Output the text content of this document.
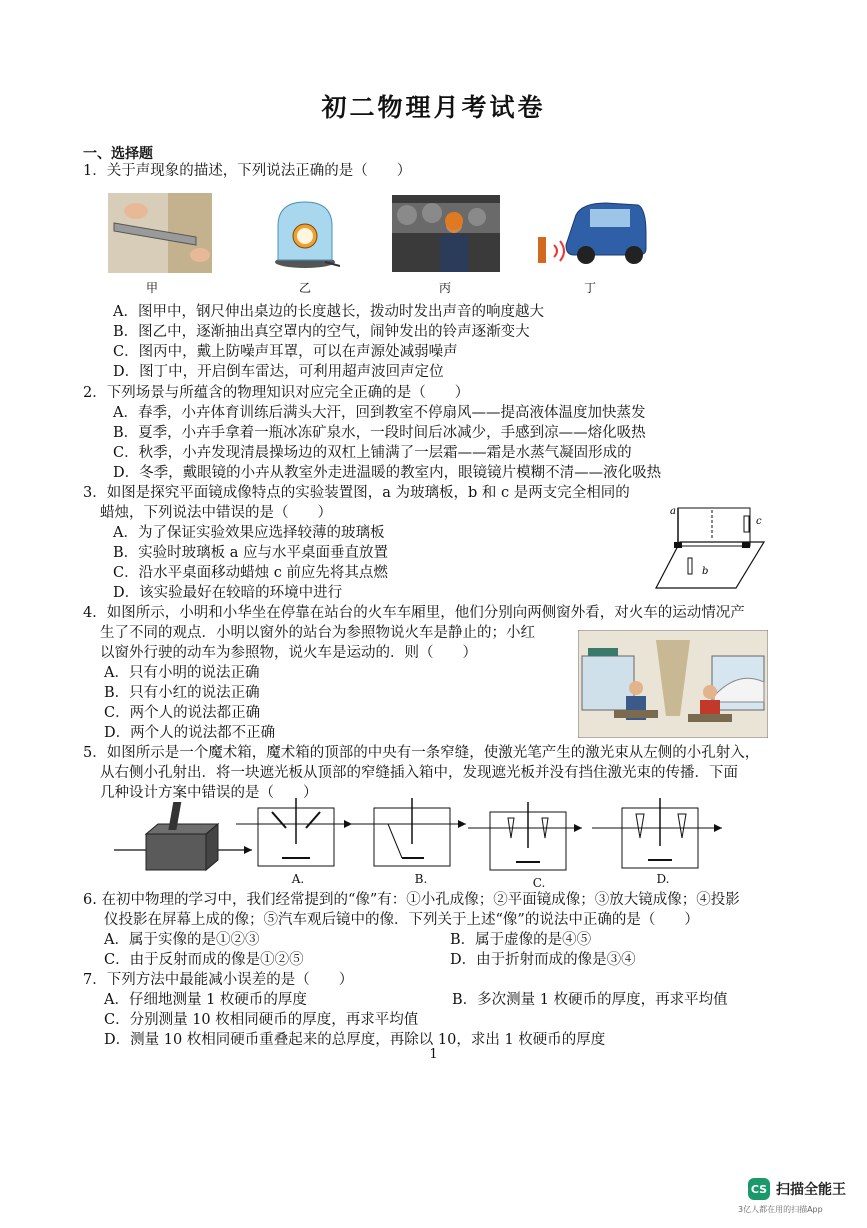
初二物理月考试卷
一、选择题
1．关于声现象的描述，下列说法正确的是（　　）
甲	乙	丙	丁
A．图甲中，钢尺伸出桌边的长度越长，拨动时发出声音的响度越大
B．图乙中，逐渐抽出真空罩内的空气，闹钟发出的铃声逐渐变大
C．图丙中，戴上防噪声耳罩，可以在声源处减弱噪声
D．图丁中，开启倒车雷达，可利用超声波回声定位
2．下列场景与所蕴含的物理知识对应完全正确的是（　　）
A．春季，小卉体育训练后满头大汗，回到教室不停扇风——提高液体温度加快蒸发
B．夏季，小卉手拿着一瓶冰冻矿泉水，一段时间后冰减少，手感到凉——熔化吸热
C．秋季，小卉发现清晨操场边的双杠上铺满了一层霜——霜是水蒸气凝固形成的
D．冬季，戴眼镜的小卉从教室外走进温暖的教室内，眼镜镜片模糊不清——液化吸热
3．如图是探究平面镜成像特点的实验装置图，a 为玻璃板，b 和 c 是两支完全相同的
蜡烛，下列说法中错误的是（　　）
A．为了保证实验效果应选择较薄的玻璃板
B．实验时玻璃板 a 应与水平桌面垂直放置
C．沿水平桌面移动蜡烛 c 前应先将其点燃
D．该实验最好在较暗的环境中进行
a
b
c
4．如图所示，小明和小华坐在停靠在站台的火车车厢里，他们分别向两侧窗外看，对火车的运动情况产
生了不同的观点．小明以窗外的站台为参照物说火车是静止的；小红
以窗外行驶的动车为参照物，说火车是运动的．则（　　）
A．只有小明的说法正确
B．只有小红的说法正确
C．两个人的说法都正确
D．两个人的说法都不正确
5．如图所示是一个魔术箱，魔术箱的顶部的中央有一条窄缝，使激光笔产生的激光束从左侧的小孔射入，
从右侧小孔射出．将一块遮光板从顶部的窄缝插入箱中，发现遮光板并没有挡住激光束的传播．下面
几种设计方案中错误的是（　　）
A.	B.	C.	D.
6. 在初中物理的学习中，我们经常提到的“像”有：①小孔成像；②平面镜成像；③放大镜成像；④投影
仪投影在屏幕上成的像；⑤汽车观后镜中的像．下列关于上述“像”的说法中正确的是（　　）
A．属于实像的是①②③	B．属于虚像的是④⑤
C．由于反射而成的像是①②⑤	D．由于折射而成的像是③④
7．下列方法中最能减小误差的是（　　）
A．仔细地测量 1 枚硬币的厚度	B．多次测量 1 枚硬币的厚度，再求平均值
C．分别测量 10 枚相同硬币的厚度，再求平均值
D．测量 10 枚相同硬币重叠起来的总厚度，再除以 10，求出 1 枚硬币的厚度
1
CS 扫描全能王
3亿人都在用的扫描App
